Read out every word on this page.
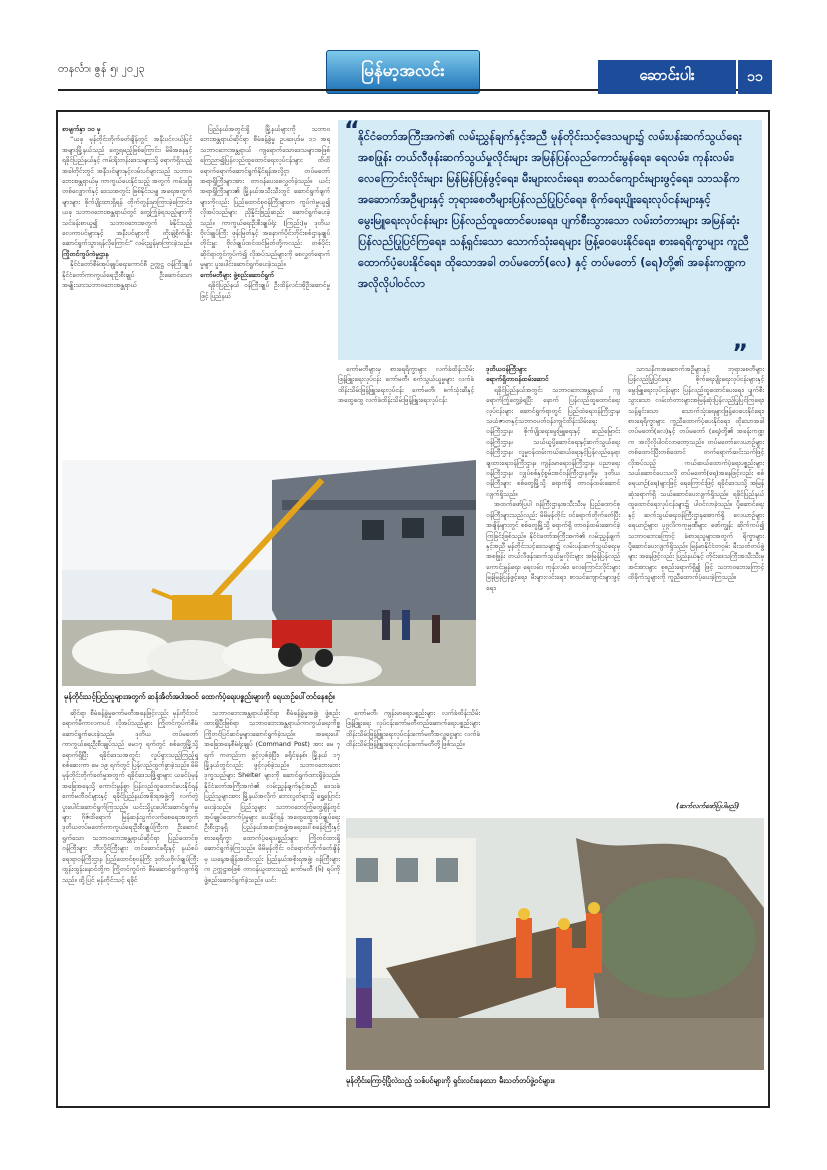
တနင်္လာ၊ ဇွန် ၅၊ ၂၀၂၃	မြန်မာ့အလင်း	ဆောင်းပါး	၁၁

စာမျက်နှာ ၁၀ မှ

“ယခု မုန်တိုင်းတိုက်ခတ်ချိန်တွင် အနီးပင်လယ်ပြင်အများမြို့နယ်သည် တွေ့ရမည့်ဖြစ်ကြောင်း၊ မိမိအနေနှင့် ရခိုင်ပြည်နယ်နှင့် ကမ်းရိုးတန်းဒေသများသို့ ရောက်ရှိသည့်အခါတိုင်းတွင် အနီးပင်များနှင့်လမ်းပင်များသည် သဘာဝဘေးအန္တရာယ်မှ ကာကွယ်ပေးနိုင်သည့် အတွက် ကမ်းခြေတစ်လျှောက်နှင့် ဒေသအတွင်း ဖြစ်နိုင်သမျှ အရေအတွက်များများ စိုက်ပျိုးထားရှိရန် တိုက်တွန်းမှာကြားခဲ့ကြောင်း၊ ယခု သဘာဝဘေးအန္တရာယ်တွင် တွေ့ကြုံခဲ့ရသည့်များကို သင်ခန်းစာယူ၍ သဘာဝဘေးအတွက် ခံနိုင်သည့် လေကာပင်များနှင့် အနီးပင်များကို တိုးချဲ့စိုက်ပျိုးဆောင်ရွက်သွားရန်လိုကြောင်း” လမ်းညွှန်မှာကြားခဲ့သည်။

ကြိုတင်ကွပ်ကဲမှုဌာန

နိုင်ငံတော်စီမံအုပ်ချုပ်ရေးကောင်စီ ဥက္ကဋ္ဌ ဝန်ကြီးချုပ် နိုင်ငံတော်ကာကွယ်ရေးဦးစီးချုပ် ဦးဆောင်သော အမျိုးသားသဘာဝဘေးအန္တရာယ်

ပြည်နယ်အတွင်းရှိ မြို့နယ်များကို သဘာဝဘေးအန္တရာယ်ဆိုင်ရာ စီမံခန့်ခွဲမှု ဥပဒေပုဒ်မ ၁၁ အရ သဘာဝဘေးအန္တရာယ် ကျရောက်သောဒေသများအဖြစ်ကြေညာ၍ပြန်လည်ထူထောင်ရေးလုပ်ငန်းများ ထိထိရောက်ရောက်ဆောင်ရွက်နိုင်ရန်အလို့ငှာ တပ်မတော်အရာရှိကြီးများအား တာဝန်ပေးစေလွှတ်ခဲ့သည်။ ယင်းအရာရှိကြီးများ၏ မြို့နယ်အသီးသီးတွင် ဆောင်ရွက်ချက်များကိုလည်း ပြည်ထောင်စုဝန်ကြီးများက ကွပ်ကဲမှုယူ၍ လိုအပ်သည်များ ညှိနှိုင်းဖြည့်ဆည်း ဆောင်ရွက်ပေးခဲ့သည်။ ကာကွယ်ရေးဦးစီးချုပ်ရုံး (ကြည်း)မှ ဒုတိယဗိုလ်ချုပ်ကြီး ဖုန်းမြတ်နှင့် အနောက်ပိုင်းတိုင်းစစ်ဌာနချုပ် တိုင်းမှူး ဗိုလ်ချုပ်ထင်ထင်မြတ်တို့ကလည်း တစ်ပိုင်းဆိုင်ရာတွင်ကွပ်ကဲ၍ လိုအပ်သည်များကို စေလွှတ်ရောက်မှုများ ပူးပေါင်းဆောင်ရွက်ပေးခဲ့သည်။

ကော်မတီများ ဖွဲ့စည်းဆောင်ရွက်

ရခိုင်ပြည်နယ် ဝန်ကြီးချုပ် ဦးထိန်လင်းအိုဦးဆောင်မှုဖြင့် ပြည်နယ်

“
နိုင်ငံတော်အကြီးအကဲ၏ လမ်းညွှန်ချက်နှင့်အညီ မုန်တိုင်းသင့်ဒေသများ၌ လမ်းပန်းဆက်သွယ်ရေးအစဖြုန်း တယ်လီဖုန်းဆက်သွယ်မှုလိုင်းများ အမြန်ပြန်လည်ကောင်းမွန်ရေး၊ ရေလမ်း၊ ကုန်းလမ်း၊ လေကြောင်းလိုင်းများ မြန်မြန်ပြန်ဖွင့်ရေး၊ မီးများလင်းရေး၊ စာသင်ကျောင်းများဖွင့်ရေး၊ သာသနိကအဆောက်အဦများနှင့် ဘုရားစေတီများပြန်လည်ပြုပြင်ရေး၊ စိုက်ရေးပျိုးရေးလုပ်ငန်းများနှင့် မွေးမြူရေးလုပ်ငန်းများ ပြန်လည်ထူထောင်ပေးရေး၊ ပျက်စီးသွားသော လမ်းတံတားများ အမြန်ဆုံးပြန်လည်ပြုပြင်ကြရေး၊ သန့်ရှင်းသော သောက်သုံးရေများ ဖြန့်ဝေပေးနိုင်ရေး၊ စားရေရိက္ခာများ ကူညီထောက်ပံ့ပေးနိုင်ရေး၊ ထိုသောအခါ တပ်မတော်(လေ) နှင့် တပ်မတော် (ရေ)တို့၏ အခန်းကဏ္ဍက အလိုလိုပါဝင်လာ
”

ကော်မတီများမှ စားရေရိက္ခာများ လက်ခံထိန်းသိမ်း ဖြန့်ဖြူးရေးလုပ်ငန်း ကော်မတီ၊ စက်သွယ်ယူမှုများ လက်ခံထိန်းသိမ်းဖြန့်ဖြူးရေးလုပ်ငန်း ကော်မတီ၊ စက်သုံးဆီနှင့် အထွေထွေ လက်ခံထိန်းသိမ်းဖြန့်ဖြူးရေးလုပ်ငန်း

ဒုတိယဝန်ကြီးများ

ရောက်ရှိတာဝန်ထမ်းဆောင်

ရခိုင်ပြည်နယ်အတွင်း သဘာဝဘေးအန္တရာယ် ကျရောက်ကြုံတွေ့ခဲ့ရပြီး နောက် ပြန်လည်ထူထောင်ရေးလုပ်ငန်းများ ဆောင်ရွက်ရာတွင် ပြည်ထဲရေးဝန်ကြီးဌာန၊ သယံဇာတနှင့်သဘာဝပတ်ဝန်းကျင်ထိန်းသိမ်းရေးဝန်ကြီးဌာန၊ စိုက်ပျိုးရေးမွေးမြူရေးနှင့် ဆည်မြောင်းဝန်ကြီးဌာန၊ သယ်ယူပို့ဆောင်ရေးနှင့်ဆက်သွယ်ရေးဝန်ကြီးဌာန၊ လူမှုဝန်ထမ်းကယ်ဆယ်ရေးနှင့်ပြန်လည်နေရာချထားရေးဝန်ကြီးဌာန၊ ကျန်းမာရေးဝန်ကြီးဌာန၊ ပညာရေးဝန်ကြီးဌာန၊ လျှပ်စစ်နှင့်စွမ်းအင်ဝန်ကြီးဌာနတို့မှ ဒုတိယဝန်ကြီးများ စစ်တွေမြို့သို့ ရောက်ရှိ တာဝန်ထမ်းဆောင်လျက်ရှိသည်။

အထက်ဖော်ပြပါ ဝန်ကြီးဌာနအသီးသီးမှ ပြည်ထောင်စုဝန်ကြီးများသည်လည်း မိမိမုန်တိုင်း ဝင်ရောက်တိုက်ခတ်ပြီးအချိန်များတွင် စစ်တွေမြို့သို့ ရောက်ရှိ တာဝန်ထမ်းဆောင်ခဲ့ကြခြင်းဖြစ်သည်။ နိုင်ငံတော်အကြီးအကဲ၏ လမ်းညွှန်ချက်နှင့်အညီ မုန်တိုင်းသင့်ဒေသများ၌ လမ်းပန်းဆက်သွယ်ရေးမှအစဖြုန်း တယ်လီဖုန်းဆက်သွယ်မှုလိုင်းများ အမြန်ပြန်လည်ကောင်းမွန်ရေး၊ ရေလမ်း၊ ကုန်းလမ်း၊ လေကြောင်းလိုင်းများ မြန်မြန်ပြန်ဖွင့်ရေး၊ မီးများလင်းရေး၊ စာသင်ကျောင်းများဖွင့်ရေး၊

သာသနိကအဆောက်အဦများနှင့် ဘုရားစေတီများပြန်လည်ပြုပြင်ရေး၊ စိုက်ရေးပျိုးရေးလုပ်ငန်းများနှင့် မွေးမြူရေးလုပ်ငန်းများ ပြန်လည်ထူထောင်ပေးရေး၊ ပျက်စီးသွားသော လမ်းတံတားများအမြန်ဆုံးပြန်လည်ပြုပြင်ကြရေး၊ သန့်ရှင်းသော သောက်သုံးရေများဖြန့်ဝေပေးနိုင်ရေး၊ စားရေရိက္ခာများ ကူညီထောက်ပံ့ပေးနိုင်ရေး၊ ထိုသောအခါ တပ်မတော်(လေ)နှင့် တပ်မတော် (ရေ)တို့၏ အခန်းကဏ္ဍက အလိုလိုပါဝင်လာတော့သည်။ တပ်မတော်လေယာဉ်များ တစ်ထောင်ပြီးတစ်ထောင် တက်ရောက်ဆင်းသက်ဖြင့် လိုအပ်သည့် ကယ်ဆယ်ထောက်ပံ့ရေးပစ္စည်းများ သယ်ဆောင်ပေးသလို တပ်မတော်(ရေ)အနေဖြင့်လည်း စစ်ရေယာဉ်(ရေ)များဖြင့် ရေကြောင်းဖြင့် ရခိုင်ဒေသသို့ အမြန်ဆုံးရောက်ရှိ သယ်ဆောင်ပေးလျက်ရှိသည်။ ရခိုင်ပြည်နယ် ထူထောင်ရေးလုပ်ငန်းများ၌ ပါဝင်လာခဲ့သည်။ ပို့ဆောင်ရေးနှင့် ဆက်သွယ်ရေးဝန်ကြီးဌာနအောက်ရှိ လေယာဉ်များ ရေယာဉ်များ၊ ပုဂ္ဂလိက‌ကုမ္ပဏီများ ဖော်ကျွန်း ဆိုက်ကပ်၍ သဘာဝဘေးကြောင့် ခံစားရသူများအတွက် ရိက္ခာများ ပို့ဆောင်ပေးလျက်ရှိသည်။ မြန်မာနိုင်ငံတဝှမ်း မီးသတ်တပ်ဖွဲ့များ အနေဖြင့်လည်း ပြည်နယ်နှင့် တိုင်းဒေသကြီးအသီးသီးမှ အင်အားများ စုစည်းရောက်ရှိ၍ ဖြင့် သဘာဝဘေးကြောင့် ထိခိုက်သူများကို ကူညီထောက်ပံ့ပေးခဲ့ကြသည်။

မုန်တိုင်းသင့်ပြည်သူများအတွက် ဆန်အိတ်အပါအဝင် ထောက်ပံ့ရေးပစ္စည်းများကို ရေယာဉ်ပေါ်တင်နေစဉ်။

ဆိုင်ရာ စီမံခန့်ခွဲမှုကော်မတီအနေဖြင့်လည်း မုန်တိုင်းဝင်ရောက်မီကာလကပင် လိုအပ်သည်များ ကြိုတင်ကွပ်ကဲစီမံဆောင်ရွက်ပေးခဲ့သည်။ ဒုတိယ တပ်မတော်ကာကွယ်ရေးဦးစီးချုပ်သည် မေ၁၇ ရက်တွင် စစ်တွေမြို့သို့ ရောက်ရှိပြီး ရခိုင်ဒေသအတွင်း လှုပ်ရှားသည့်ကြည့်ရှုစစ်ဆေးကာ မေ ၁၉ ရက်တွင် ပြန်လည်ထွက်ခွာခဲ့သည်။ မိမိမုန်တိုင်းတိုက်ခတ်မှုအတွက် ရခိုင်ဒေသဖြို့ရွာများ ယခင်ပုံမှန်အခြေအနေသို့ ကောင်းမွန်စွာ ပြန်လည်ထူထောင်ပေးနိုင်ရန် ကော်မတီဝင်များနှင့် ရခိုင်ပြည်နယ်အစိုးရအဖွဲ့တို့ လက်တွဲ ပူးပေါင်းဆောင်ရွက်ကြသည်။ ယင်းသို့ပူးပေါင်းဆောင်ရွက်မှုများ ဂိုဇ်ထိရောက် မြန်ဆန်သွက်လက်စေရေးအတွက် ဒုတိယတပ်မတော်ကာကွယ်ရေးဦးစီးချုပ်ကြီးက ဦးဆောင်ရွက်သော သဘာဝဘေးအန္တရာယ်ဆိုင်ရာ ပြည်ထောင်စုဝန်ကြီးများ ဘီးလှိုင်ကြီးများ တင်ဆောင်ခရီးနှင့် နယ်စပ်ရေးရာဝန်ကြီးဌာန ပြည်ထောင်စုဝန်ကြီး ဒုတိယဗိုလ်ချုပ်ကြီး ထွန်းထွန်းနောင်တို့က ကြိုတင်ကွပ်ကဲ စီမံဆောင်ရွက်လျက်ရှိသည်။ ထို့ပြင် မုန်တိုင်းသင့် ရခိုင်

သဘာဝဘေးအန္တရာယ်ဆိုင်ရာ စီမံခန့်ခွဲမှုအဖွဲ့၊ ဖွဲ့စည်းထားရှိပြီးဖြစ်ရာ သဘာဝဘေးအန္တရာယ်ကာကွယ်ရေးကိစ္စ ကြိုတင်ပြင်ဆင်မှုများဆောင်ရွက်ခဲ့သည်။ အရေးပေါ်အခြေအနေစီမံရုံးချုပ် (Command Post) အား မေ ၇ ရက် ကတည်းက ဖွင့်လှစ်ခဲ့ပြီး၊ ခရိုင်ခုနစ်၊ မြို့နယ် ၁၇ မြို့နယ်တွင်လည်း ဖွင့်လှစ်ခဲ့သည်။ သဘာဝဘေးဘေးဒုက္ခသည်များ Shelter များကို ဆောင်ရွက်ထားရှိခဲ့သည်။ နိုင်ငံတော်အကြီးအကဲ၏ လမ်းညွှန်ချက်နှင့်အညီ ဒေသခံပြည်သူများအား မြို့နယ်အလိုက် ဘေးလွတ်ရာသို့ ရွှေ့ပြောင်းပေးခဲ့သည်။ ပြည်သူများ သဘာဝဘေးကြုံတွေ့ချိန်တွင် အုပ်ချုပ်ထောက်ပံ့မှုများ ပေးနိုင်ရန် အထွေထွေအုပ်ချုပ်ရေးဦးစီးဌာနရှိ ပြည်နယ်အဆင့်အဖွဲ့အရေးပေါ်စခန်းကြီးနှင့် စားရေရိက္ခာ ထောက်ပံ့ရေးပစ္စည်းများ ကြိုတင်ထားရှိ ဆောင်ရွက်ခဲ့ကြသည်။ မိမိမုန်တိုင်း ဝင်ရောက်တိုက်ခတ်ချိန်မှ ယနေ့အချိန်အထိလည်း ပြည်နယ်အစိုးရအဖွဲ့၊ ဝန်ကြီးများက ဥက္ကဋ္ဌအဖြစ် တာဝန်ယူထားသည့် ကော်မတီ (၆) ရပ်ကို ဖွဲ့စည်းဆောင်ရွက်ခဲ့သည်။ ယင်း

ကော်မတီ၊ ကျန်းမာရေးပစ္စည်းများ လက်ခံထိန်းသိမ်း ဖြန့်ဖြူးရေး လုပ်ငန်းကော်မတီတည်ဆောက်ရေးပစ္စည်းများ ထိန်းသိမ်းဖြန့်ဖြူးရေးလုပ်ငန်းကော်မတီအလှူငွေများ လက်ခံထိန်းသိမ်းဖြန့်ဖြူးရေးလုပ်ငန်းကော်မတီတို့ဖြစ်သည်။

မုန်တိုင်းကြောင့်ပြိုလဲသည့် သစ်ပင်များကို ရှင်းလင်းနေသော မီးသတ်တပ်ဖွဲ့ဝင်များ။
(ဆက်လက်ဖော်ပြပါမည်)
